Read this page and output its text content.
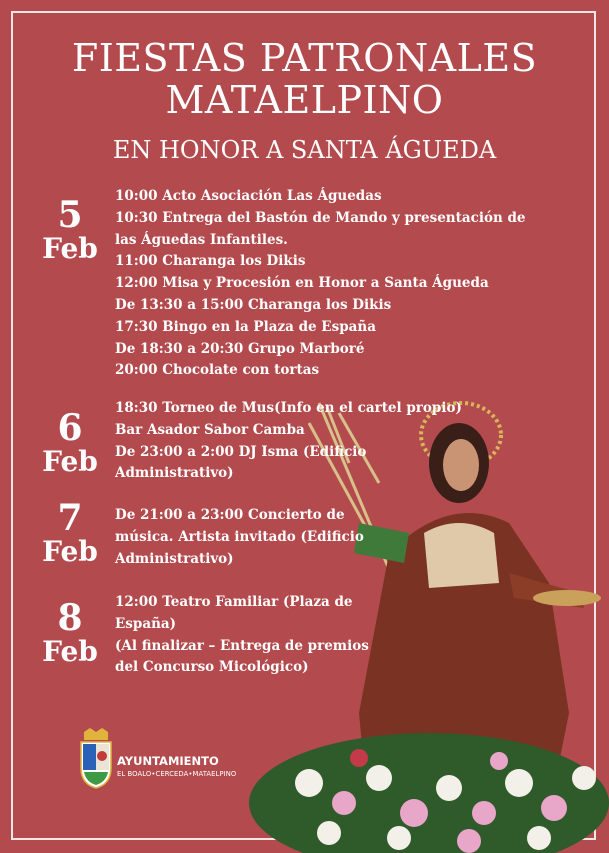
FIESTAS PATRONALES
MATAELPINO
EN HONOR A SANTA ÁGUEDA
5
Feb
10:00 Acto Asociación Las Águedas
10:30 Entrega del Bastón de Mando y presentación de
las Águedas Infantiles.
11:00 Charanga los Dikis
12:00 Misa y Procesión en Honor a Santa Águeda
De 13:30 a 15:00 Charanga los Dikis
17:30 Bingo en la Plaza de España
De 18:30 a 20:30 Grupo Marboré
20:00 Chocolate con tortas
6
Feb
18:30 Torneo de Mus(Info en el cartel propio)
Bar Asador Sabor Camba
De 23:00 a 2:00 DJ Isma (Edificio
Administrativo)
7
Feb
De 21:00 a 23:00 Concierto de
música. Artista invitado (Edificio
Administrativo)
8
Feb
12:00 Teatro Familiar (Plaza de
España)
(Al finalizar – Entrega de premios
del Concurso Micológico)
AYUNTAMIENTO
EL BOALO•CERCEDA•MATAELPINO
